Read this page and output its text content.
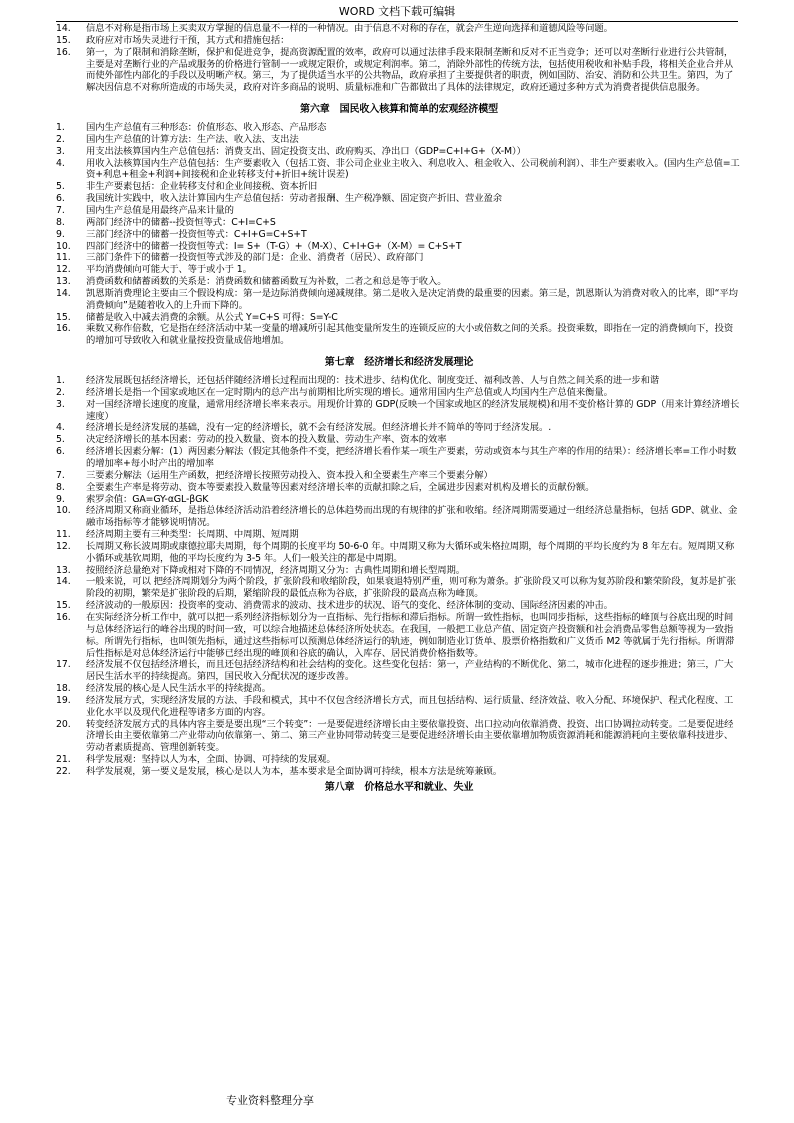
WORD 文档下载可编辑
14.	信息不对称是指市场上买卖双方掌握的信息量不一样的一种情况。由于信息不对称的存在，就会产生逆向选择和道德风险等问题。
15.	政府应对市场失灵进行干预，其方式和措施包括：
16.	第一，为了限制和消除垄断，保护和促进竞争，提高资源配置的效率，政府可以通过法律手段来限制垄断和反对不正当竞争；还可以对垄断行业进行公共管制，主要是对垄断行业的产品或服务的价格进行管制一一或规定限价，或规定利润率。第二，消除外部性的传统方法，包括使用税收和补贴手段，将相关企业合并从而使外部性内部化的手段以及明晰产权。第三，为了提供适当水平的公共物品，政府承担了主要提供者的职责，例如国防、治安、消防和公共卫生。第四，为了解决因信息不对称所造成的市场失灵，政府对许多商品的说明、质量标准和广告都做出了具体的法律规定，政府还通过多种方式为消费者提供信息服务。
第六章　国民收入核算和简单的宏观经济模型
1.	国内生产总值有三种形态：价值形态、收入形态、产品形态
2.	国内生产总值的计算方法：生产法、收入法、支出法
3.	用支出法核算国内生产总值包括：消费支出、固定投资支出、政府购买、净出口（GDP=C+I+G+（X-M））
4.	用收入法核算国内生产总值包括：生产要素收入（包括工资、非公司企业业主收入、利息收入、租金收入、公司税前利润）、非生产要素收入。(国内生产总值=工资+利息+租金+利润+间接税和企业转移支付+折旧+统计误差)
5.	非生产要素包括：企业转移支付和企业间接税、资本折旧
6.	我国统计实践中，收入法计算国内生产总值包括：劳动者报酬、生产税净额、固定资产折旧、营业盈余
7.	国内生产总值是用最终产品来计量的
8.	两部门经济中的储蓄--投资恒等式：C+I=C+S
9.	三部门经济中的储蓄一投资恒等式：C+I+G=C+S+T
10.	四部门经济中的储蓄一投资恒等式：I= S+（T-G）+（M-X）、C+I+G+（X-M）= C+S+T
11.	三部门条件下的储蓄一投资恒等式涉及的部门是：企业、消费者（居民）、政府部门
12.	平均消费倾向可能大于、等于或小于 1。
13.	消费函数和储蓄函数的关系是：消费函数和储蓄函数互为补数，二者之和总是等于收入。
14.	凯恩斯消费理论主要由三个假设构成：第一是边际消费倾向递减规律。第二是收入是决定消费的最重要的因素。第三是，凯恩斯认为消费对收入的比率，即“平均消费倾向”是随着收入的上升而下降的。
15.	储蓄是收入中减去消费的余额。从公式 Y=C+S 可得：S=Y-C
16.	乘数又称作倍数，它是指在经济活动中某一变量的增减所引起其他变量所发生的连锁反应的大小或倍数之间的关系。投资乘数，即指在一定的消费倾向下，投资的增加可导致收入和就业量按投资量成倍地增加。
第七章　经济增长和经济发展理论
1.	经济发展既包括经济增长，还包括伴随经济增长过程而出现的：技术进步、结构优化、制度变迁、福利改善、人与自然之间关系的进一步和谐
2.	经济增长是指一个国家或地区在一定时期内的总产出与前期相比所实现的增长。通常用国内生产总值或人均国内生产总值来衡量。
3.	对一国经济增长速度的度量，通常用经济增长率来表示。用现价计算的 GDP(反映一个国家或地区的经济发展规模)和用不变价格计算的 GDP（用来计算经济增长速度）
4.	经济增长是经济发展的基础，没有一定的经济增长，就不会有经济发展。但经济增长并不简单的等同于经济发展。.
5.	决定经济增长的基本因素：劳动的投入数量、资本的投入数量、劳动生产率、资本的效率
6.	经济增长因素分解：(1）两因素分解法（假定其他条件不变，把经济增长看作某一项生产要素，劳动或资本与其生产率的作用的结果）：经济增长率=工作小时数的增加率+每小时产出的增加率
7.	三要素分解法（运用生产函数，把经济增长按照劳动投入、资本投入和全要素生产率三个要素分解）
8.	全要素生产率是将劳动、资本等要素投入数量等因素对经济增长率的贡献扣除之后，全属进步因素对机构及增长的贡献份额。
9.	索罗余值：GA=GY-αGL-βGK
10.	经济周期又称商业循环，是指总体经济活动沿着经济增长的总体趋势而出现的有规律的扩张和收缩。经济周期需要通过一组经济总量指标，包括 GDP、就业、金融市场指标等才能够说明情况。
11.	经济周期主要有三种类型：长周期、中周期、短周期
12.	长周期又称长波周期或康德拉耶夫周期，每个周期的长度平均 50-6-0 年。中周期又称为大循环或朱格拉周期，每个周期的平均长度约为 8 年左右。短周期又称小循环或基钦周期，他的平均长度约为 3-5 年。人们一般关注的都是中周期。
13.	按照经济总量绝对下降或相对下降的不同情况，经济周期又分为：古典性周期和增长型周期。
14.	一般来说，可以 把经济周期划分为两个阶段，扩张阶段和收缩阶段，如果衰退特别严重，则可称为萧条。扩张阶段又可以称为复苏阶段和繁荣阶段，复苏是扩张阶段的初期，繁荣是扩张阶段的后期，紧缩阶段的最低点称为谷底，扩张阶段的最高点称为峰顶。
15.	经济波动的一般原因：投资率的变动、消费需求的波动、技术进步的状况、语气的变化、经济体制的变动、国际经济因素的冲击。
16.	在实际经济分析工作中，就可以把一系列经济指标划分为一直指标、先行指标和滞后指标。所谓一致性指标，也叫同步指标，这些指标的峰顶与谷底出现的时间与总体经济运行的峰谷出现的时间一致，可以综合地描述总体经济所处状态。在我国，一般把工业总产值、固定资产投资额和社会消费品零售总额等视为一致指标。所谓先行指标，也叫领先指标，通过这些指标可以预测总体经济运行的轨迹，例如制造业订货单、股票价格指数和广义货币 M2 等就属于先行指标。所谓滞后性指标是对总体经济运行中能够已经出现的峰顶和谷底的确认，入库存、居民消费价格指数等。
17.	经济发展不仅包括经济增长，而且还包括经济结构和社会结构的变化。这些变化包括：第一，产业结构的不断优化、第二，城市化进程的逐步推进；第三，广大居民生活水平的持续提高。第四，国民收入分配状况的逐步改善。
18.	经济发展的核心是人民生活水平的持续提高。
19.	经济发展方式，实现经济发展的方法、手段和模式，其中不仅包含经济增长方式，而且包括结构、运行质量、经济效益、收入分配、环境保护、程式化程度、工业化水平以及现代化进程等诸多方面的内容。
20.	转变经济发展方式的具体内容主要是要出现“三个转变”：一是要促进经济增长由主要依靠投资、出口拉动向依靠消费、投资、出口协调拉动转变。二是要促进经济增长由主要依靠第二产业带动向依靠第一、第二、第三产业协同带动转变三是要促进经济增长由主要依靠增加物质资源消耗和能源消耗向主要依靠科技进步、劳动者素质提高、管理创新转变。
21.	科学发展观：坚持以人为本，全面、协调、可持续的发展观。
22.	科学发展观，第一要义是发展，核心是以人为本，基本要求是全面协调可持续，根本方法是统筹兼顾。
第八章　价格总水平和就业、失业
专业资料整理分享
